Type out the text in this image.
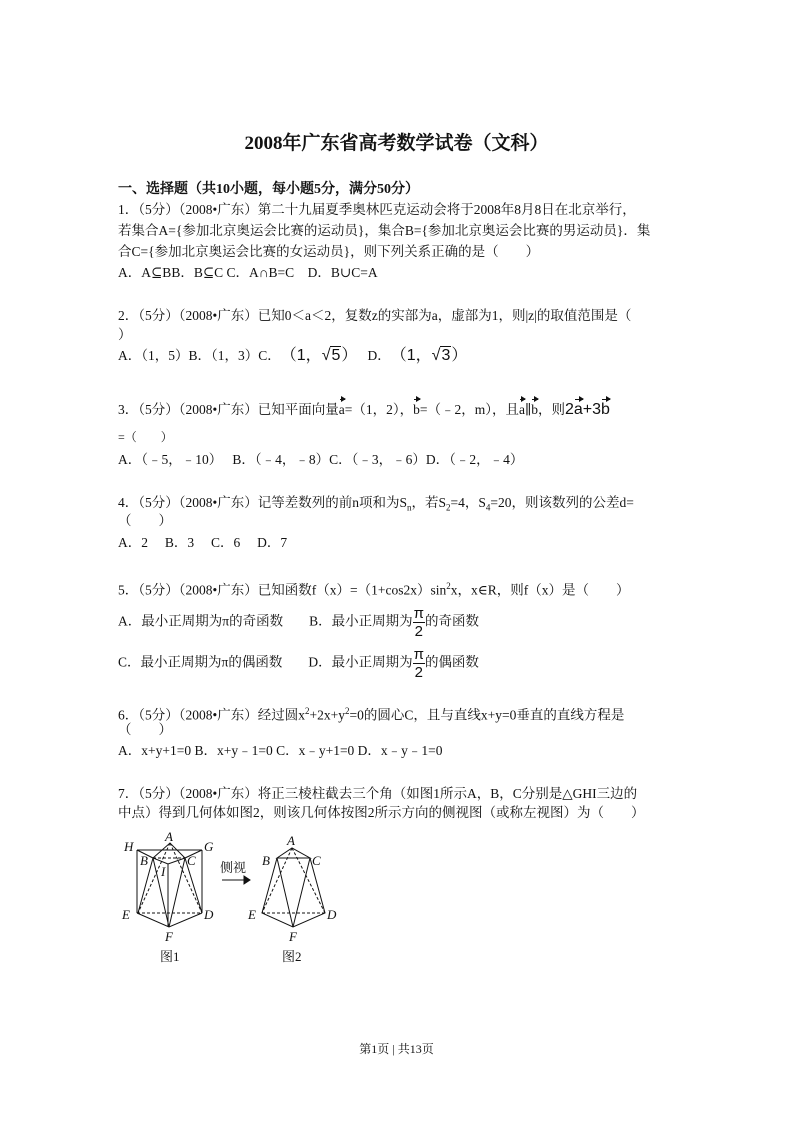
2008年广东省高考数学试卷（文科）
一、选择题（共10小题，每小题5分，满分50分）
1．（5分）（2008•广东）第二十九届夏季奥林匹克运动会将于2008年8月8日在北京举行，
若集合A={参加北京奥运会比赛的运动员}，集合B={参加北京奥运会比赛的男运动员}．集
合C={参加北京奥运会比赛的女运动员}，则下列关系正确的是（　　）
A．A⊆BB．B⊆C C．A∩B=C　D．B∪C=A
2．（5分）（2008•广东）已知0＜a＜2，复数z的实部为a，虚部为1，则|z|的取值范围是（
）
A．（1，5）B．（1，3）C． （1，√5） D． （1，√3）
3．（5分）（2008•广东）已知平面向量a=（1，2），b=（﹣2，m），且a∥b，则2a+3b
=（　　）
A．（﹣5，﹣10）　 B．（﹣4，﹣8）C．（﹣3，﹣6）D．（﹣2，﹣4）
4．（5分）（2008•广东）记等差数列的前n项和为$S_n$，若$S_2=4$，$S_4=20$，则该数列的公差d=
（　　）
A．2　 B．3　 C．6　 D．7
5．（5分）（2008•广东）已知函数$f(x)=(1+\cos 2x)\sin^2x$，x∈R，则f（x）是（　　）
A．最小正周期为π的奇函数 B．最小正周期为 $\frac{\pi}{2}$ 的奇函数
C．最小正周期为π的偶函数 D．最小正周期为 $\frac{\pi}{2}$ 的偶函数
6．（5分）（2008•广东）经过圆$x^2+2x+y^2=0$的圆心C，且与直线x+y=0垂直的直线方程是
（　　）
A．x+y+1=0 B．x+y﹣1=0 C．x﹣y+1=0 D．x﹣y﹣1=0
7．（5分）（2008•广东）将正三棱柱截去三个角（如图1所示A，B，C分别是△GHI三边的
中点）得到几何体如图2，则该几何体按图2所示方向的侧视图（或称左视图）为（　　）
H
A
G
B	C
I
E	D
F
A
B	C
E	D
F
侧视
图1	图2
第1页 | 共13页
